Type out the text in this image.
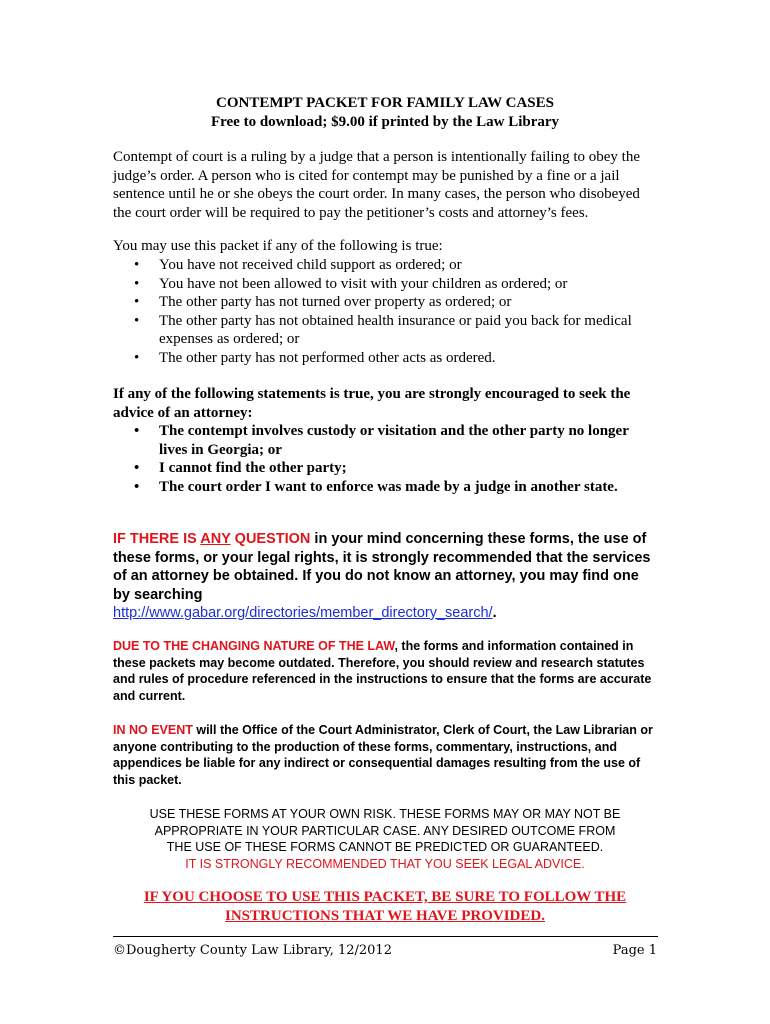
CONTEMPT PACKET FOR FAMILY LAW CASES
Free to download; $9.00 if printed by the Law Library
Contempt of court is a ruling by a judge that a person is intentionally failing to obey the judge’s order. A person who is cited for contempt may be punished by a fine or a jail sentence until he or she obeys the court order. In many cases, the person who disobeyed the court order will be required to pay the petitioner’s costs and attorney’s fees.
You may use this packet if any of the following is true:
• You have not received child support as ordered; or
• You have not been allowed to visit with your children as ordered; or
• The other party has not turned over property as ordered; or
• The other party has not obtained health insurance or paid you back for medical expenses as ordered; or
• The other party has not performed other acts as ordered.
If any of the following statements is true, you are strongly encouraged to seek the advice of an attorney:
• The contempt involves custody or visitation and the other party no longer lives in Georgia; or
• I cannot find the other party;
• The court order I want to enforce was made by a judge in another state.
IF THERE IS ANY QUESTION in your mind concerning these forms, the use of these forms, or your legal rights, it is strongly recommended that the services of an attorney be obtained. If you do not know an attorney, you may find one by searching
http://www.gabar.org/directories/member_directory_search/.
DUE TO THE CHANGING NATURE OF THE LAW, the forms and information contained in these packets may become outdated. Therefore, you should review and research statutes and rules of procedure referenced in the instructions to ensure that the forms are accurate and current.
IN NO EVENT will the Office of the Court Administrator, Clerk of Court, the Law Librarian or anyone contributing to the production of these forms, commentary, instructions, and appendices be liable for any indirect or consequential damages resulting from the use of this packet.
USE THESE FORMS AT YOUR OWN RISK. THESE FORMS MAY OR MAY NOT BE
APPROPRIATE IN YOUR PARTICULAR CASE. ANY DESIRED OUTCOME FROM
THE USE OF THESE FORMS CANNOT BE PREDICTED OR GUARANTEED.
IT IS STRONGLY RECOMMENDED THAT YOU SEEK LEGAL ADVICE.
IF YOU CHOOSE TO USE THIS PACKET, BE SURE TO FOLLOW THE
INSTRUCTIONS THAT WE HAVE PROVIDED.
©Dougherty County Law Library, 12/2012	Page 1
